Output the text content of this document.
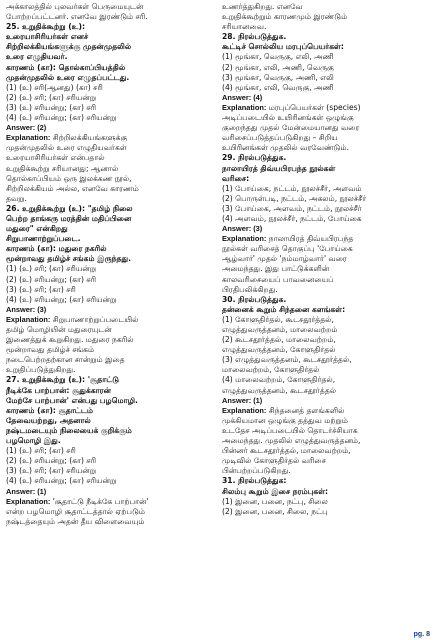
அக்காலத்தில் புலவர்கள் பெருமையுடன்
போற்றப்பட்டனர். எனவே இரண்டும் சரி.
25. உறுதிக்கூற்று (உ):
உரையாசிரியர்கள் எனச்
சிற்றிலக்கியங்களுக்கு முதன்முதலில்
உரை எழுதியவர்.
காரணம் (கா): தொல்காப்பியத்தில்
முதன்முதலில் உரை எழுதப்பட்டது.
(1) (உ) சரி(ஆனது) (கா) சரி
(2) (உ) சரி; (கா) சரியன்று
(3) (உ) சரியன்று; (கா) சரி
(4) (உ) சரியன்று; (கா) சரியன்று
Answer: (2)
Explanation: சிற்றிலக்கியங்களுக்கு
முதன்முதலில் உரை எழுதியவர்கள்
உரையாசிரியர்கள் என்பதால்
உறுதிக்கூற்று சரியானது; ஆனால்
தொல்காப்பியம் ஒரு இலக்கண நூல்,
சிற்றிலக்கியம் அல்ல, எனவே காரணம்
தவறு.
26. உறுதிக்கூற்று (உ): "தமிழ் நிலை
பெற்ற தாங்கரு மரத்தின் மதிப்பினை
மதுரை" என்கிறது
சிறுபாணாற்றுப்படை.
காரணம் (கா): மதுரை நகரில்
மூன்றாவது தமிழ்ச் சங்கம் இருந்தது.
(1) (உ) சரி; (கா) சரியன்று
(2) (உ) சரியன்று; (கா) சரி
(3) (உ) சரி; (கா) சரி
(4) (உ) சரியன்று; (கா) சரியன்று
Answer: (3)
Explanation: சிறுபாணாற்றுப்படையில்
தமிழ் மொழியின் மதுரையுடன்
இணைத்துக் கூறுகிறது. மதுரை நகரில்
மூன்றாவது தமிழ்ச் சங்கம்
நடைபெற்றதற்கான சான்றும் இதை
உறுதிப்படுத்துகிறது.
27. உறுதிக்கூற்று (உ): 'சூதாட்டு
நீடிக்கே பாற்பான்: சூதுக்காரன்
மேற்சே பாற்பான்' என்பது பழமொழி.
காரணம் (கா): சூதாட்டம்
தேவையற்றது, அதனால்
நஷ்டமடையும் நிலையைக் குறிக்கும்
பழமொழி இது.
(1) (உ) சரி; (கா) சரி
(2) (உ) சரியன்று; (கா) சரி
(3) (உ) சரி; (கா) சரியன்று
(4) (உ) சரியன்று; (கா) சரியன்று
Answer: (1)
Explanation: 'சூதாட்டு நீடிக்கே பாற்பான்'
என்ற பழமொழி சூதாட்டத்தால் ஏற்படும்
நஷ்டத்தையும் அதன் தீய விளைவையும்
உணர்த்துகிறது. எனவே
உறுதிக்கூற்றும் காரணமும் இரண்டும்
சரியானவை.
28. நிரல்படுத்துக.
கூட்டிச் சொல்லிய மரபுப்பெயர்கள்:
(1) மூங்கா, வெருகு, எலி, அணி
(2) மூங்கா, எலி, அணி, வெருகு
(3) மூங்கா, வெருகு, அணி, எலி
(4) மூங்கா, எலி, வெருகு, அணி
Answer: (4)
Explanation: மரபுப்பெயர்கள் (species)
அடிப்படையில் உயிரினங்கள் ஒழுங்கு
குறைந்தது முதல் மேன்மையானது வரை
வரிசைப்படுத்தப்படுகிறது – சிறிய
உயிரினங்கள் முதலில் வரவேண்டும்.
29. நிரல்படுத்துக.
நாலாயிரத் திவ்யபிரபந்த நூல்கள்
வரிசை:
(1) போய்கை, நட்டம், நூலச்சீர், அளவம்
(2) பொருள்படி, நட்டம், அகலம், நூலச்சீர்
(3) போய்கை, அளவம், நட்டம், நூலச்சீர்
(4) அளவம், நூலச்சீர், நட்டம், போய்கை
Answer: (3)
Explanation: நாலாயிரத் திவ்யபிரபந்த
நூல்கள் வரிசைத் தொகுப்பு 'போய்கை
ஆழ்வார்' முதல் 'நம்மாழ்வார்' வரை
அமைந்தது. இது பாட்டுக்களின்
காலவரிசையைப் பாவனையைப்
பிரதிபலிக்கிறது.
30. நிரல்படுத்துக.
தன்னைக் கூறும் சிந்தனை களங்கள்:
(1) கோளுதிர்தல், கூடசதூர்த்தல்,
எழுத்துவருத்தனம், மாலைவற்றம்
(2) கூடசதூர்த்தல், மாலைவற்றம்,
எழுத்துவருத்தனம், கோளுதிர்தல்
(3) எழுத்துவருத்தனம், கூடசதூர்த்தல்,
மாலைவற்றம், கோளுதிர்தல்
(4) மாலைவற்றம், கோளுதிர்தல்,
எழுத்துவருத்தனம், கூடசதூர்த்தல்
Answer: (1)
Explanation: சிந்தனைத் தளங்களில்
முக்கியமான ஒழுங்கு தத்துவ மற்றும்
உடதேச அடிப்படையில் தொடர்ச்சியாக
அமைந்தது. முதலில் எழுத்துவருத்தனம்,
பின்னர் கூடசதூர்த்தல், மாலைவற்றம்,
முடிவில் கோளுதிர்தல் வரிசை
பின்பற்றப்படுகிறது.
31. நிரல்படுத்துக:
சிலம்பு கூறும் இசை நரம்புகள்:
(1) இனை, பனை, நட்பு, சிலை
(2) இனை, பனை, சிலை, நட்பு
pg. 8
